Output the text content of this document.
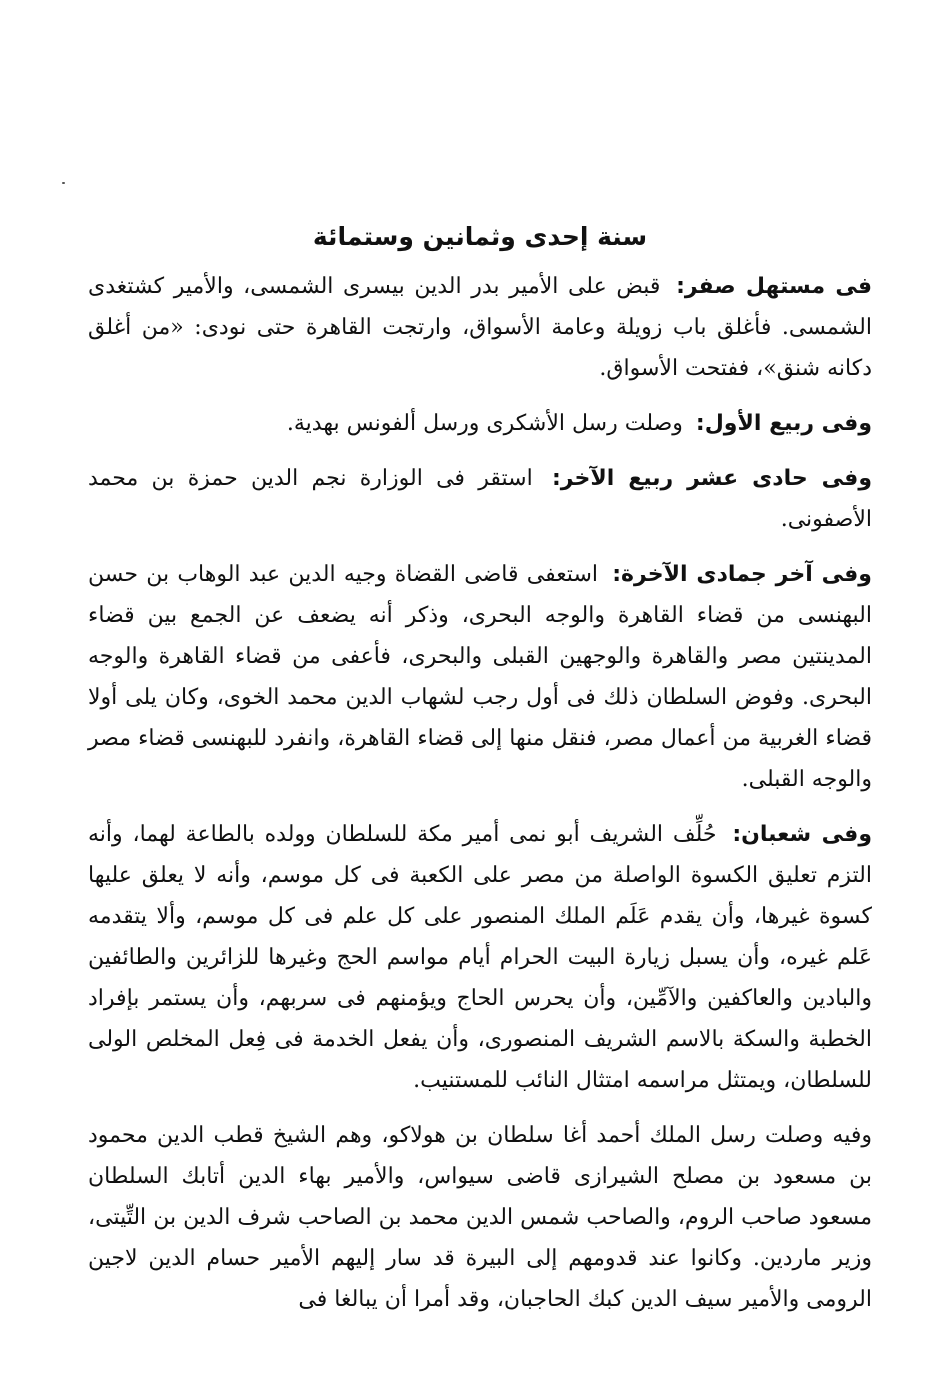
سنة إحدى وثمانين وستمائة

فى مستهل صفر: قبض على الأمير بدر الدين بيسرى الشمسى، والأمير كشتغدى الشمسى. فأغلق باب زويلة وعامة الأسواق، وارتجت القاهرة حتى نودى: «من أغلق دكانه شنق»، ففتحت الأسواق.

وفى ربيع الأول: وصلت رسل الأشكرى ورسل ألفونس بهدية.

وفى حادى عشر ربيع الآخر: استقر فى الوزارة نجم الدين حمزة بن محمد الأصفونى.

وفى آخر جمادى الآخرة: استعفى قاضى القضاة وجيه الدين عبد الوهاب بن حسن البهنسى من قضاء القاهرة والوجه البحرى، وذكر أنه يضعف عن الجمع بين قضاء المدينتين مصر والقاهرة والوجهين القبلى والبحرى، فأعفى من قضاء القاهرة والوجه البحرى. وفوض السلطان ذلك فى أول رجب لشهاب الدين محمد الخوى، وكان يلى أولا قضاء الغربية من أعمال مصر، فنقل منها إلى قضاء القاهرة، وانفرد للبهنسى قضاء مصر والوجه القبلى.

وفى شعبان: حُلِّف الشريف أبو نمى أمير مكة للسلطان وولده بالطاعة لهما، وأنه التزم تعليق الكسوة الواصلة من مصر على الكعبة فى كل موسم، وأنه لا يعلق عليها كسوة غيرها، وأن يقدم عَلَم الملك المنصور على كل علم فى كل موسم، وألا يتقدمه عَلم غيره، وأن يسبل زيارة البيت الحرام أيام مواسم الحج وغيرها للزائرين والطائفين والبادين والعاكفين والآمِّين، وأن يحرس الحاج ويؤمنهم فى سربهم، وأن يستمر بإفراد الخطبة والسكة بالاسم الشريف المنصورى، وأن يفعل الخدمة فى فِعل المخلص الولى للسلطان، ويمتثل مراسمه امتثال النائب للمستنيب.

وفيه وصلت رسل الملك أحمد أغا سلطان بن هولاكو، وهم الشيخ قطب الدين محمود بن مسعود بن مصلح الشيرازى قاضى سيواس، والأمير بهاء الدين أتابك السلطان مسعود صاحب الروم، والصاحب شمس الدين محمد بن الصاحب شرف الدين بن التِّيتى، وزير ماردين. وكانوا عند قدومهم إلى البيرة قد سار إليهم الأمير حسام الدين لاجين الرومى والأمير سيف الدين كبك الحاجبان، وقد أمرا أن يبالغا فى
